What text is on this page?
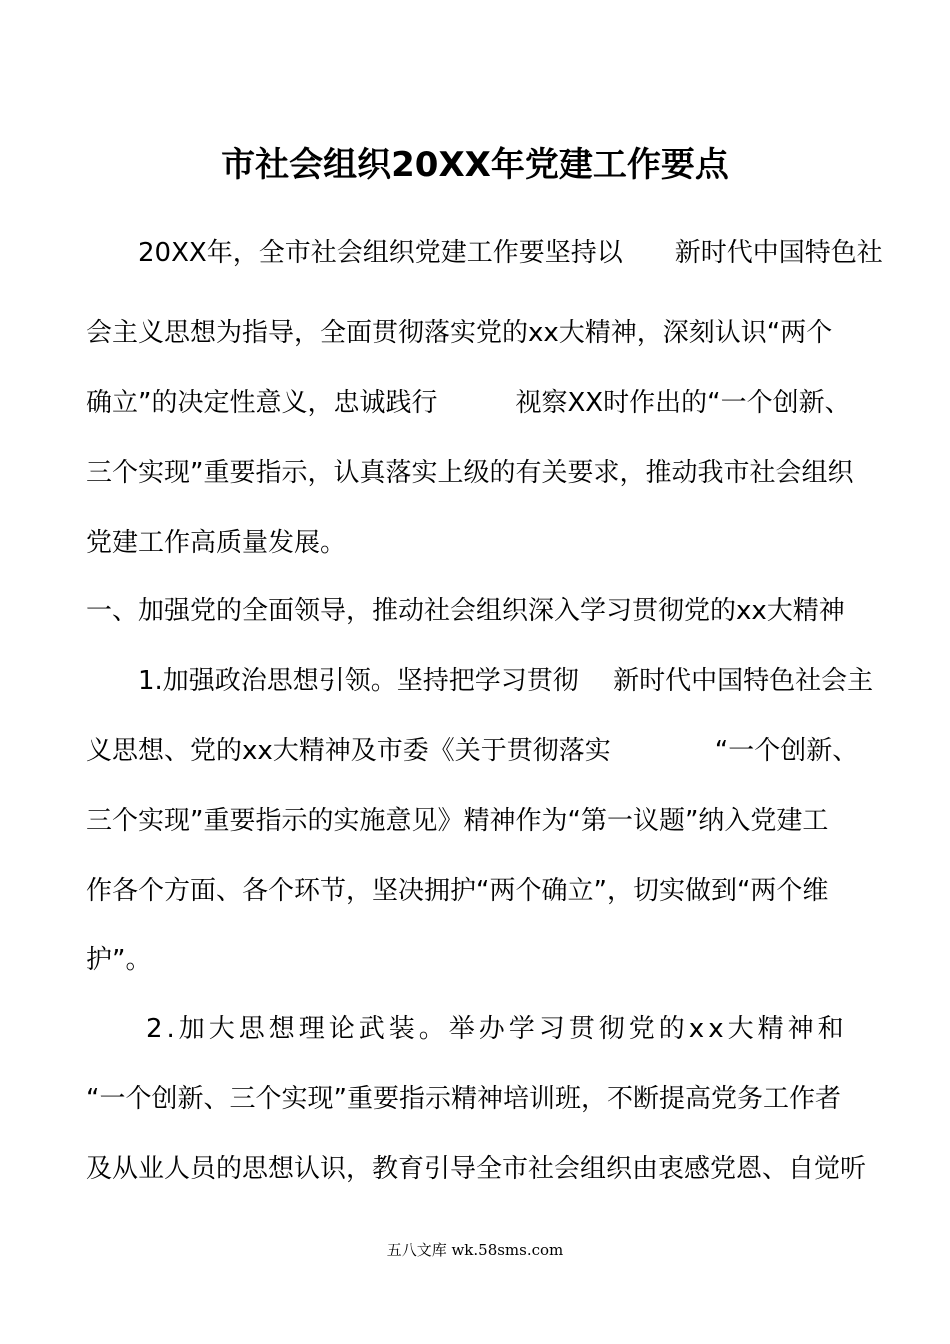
市社会组织20XX年党建工作要点
　　20XX年，全市社会组织党建工作要坚持以　　新时代中国特色社
会主义思想为指导，全面贯彻落实党的xx大精神，深刻认识“两个
确立”的决定性意义，忠诚践行　　　视察XX时作出的“一个创新、
三个实现”重要指示，认真落实上级的有关要求，推动我市社会组织
党建工作高质量发展。
一、加强党的全面领导，推动社会组织深入学习贯彻党的xx大精神
　　1.加强政治思想引领。坚持把学习贯彻　 新时代中国特色社会主
义思想、党的xx大精神及市委《关于贯彻落实　　　　“一个创新、
三个实现”重要指示的实施意见》精神作为“第一议题”纳入党建工
作各个方面、各个环节，坚决拥护“两个确立”，切实做到“两个维
护”。
　　2.加大思想理论武装。举办学习贯彻党的xx大精神和
“一个创新、三个实现”重要指示精神培训班，不断提高党务工作者
及从业人员的思想认识，教育引导全市社会组织由衷感党恩、自觉听
五八文库 wk.58sms.com
